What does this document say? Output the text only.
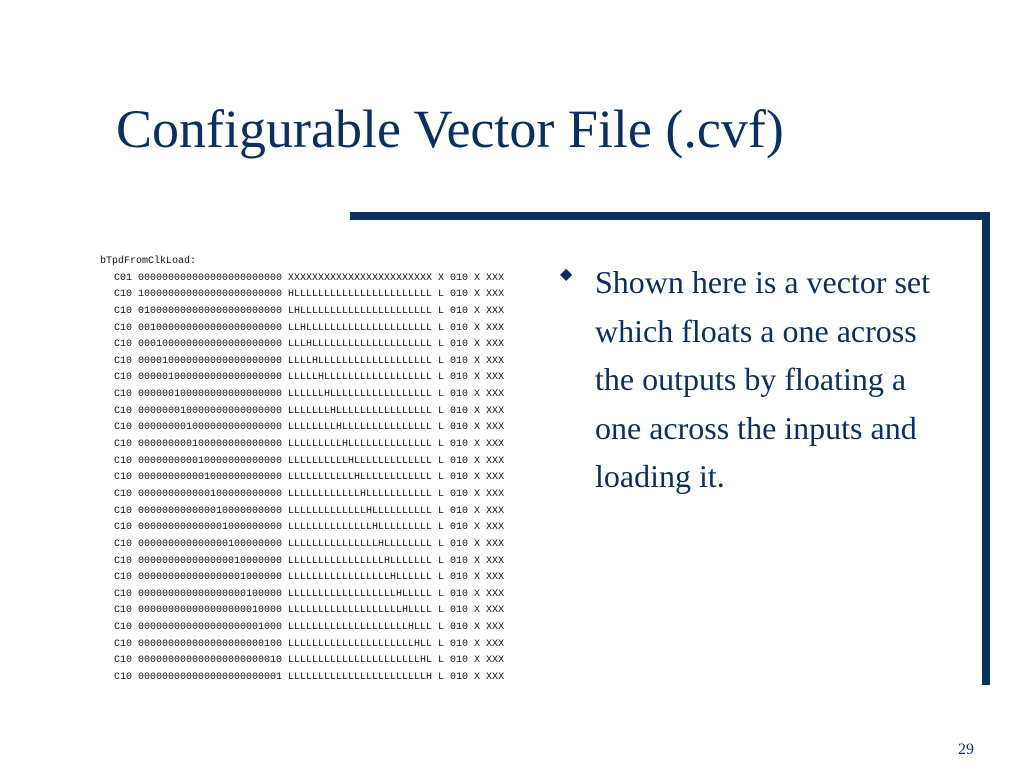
Configurable Vector File (.cvf)
bTpdFromClkLoad:
C01 000000000000000000000000 XXXXXXXXXXXXXXXXXXXXXXXX X 010 X XXX
C10 100000000000000000000000 HLLLLLLLLLLLLLLLLLLLLLLL L 010 X XXX
C10 010000000000000000000000 LHLLLLLLLLLLLLLLLLLLLLLL L 010 X XXX
C10 001000000000000000000000 LLHLLLLLLLLLLLLLLLLLLLLL L 010 X XXX
C10 000100000000000000000000 LLLHLLLLLLLLLLLLLLLLLLLL L 010 X XXX
C10 000010000000000000000000 LLLLHLLLLLLLLLLLLLLLLLLL L 010 X XXX
C10 000001000000000000000000 LLLLLHLLLLLLLLLLLLLLLLLL L 010 X XXX
C10 000000100000000000000000 LLLLLLHLLLLLLLLLLLLLLLLL L 010 X XXX
C10 000000010000000000000000 LLLLLLLHLLLLLLLLLLLLLLLL L 010 X XXX
C10 000000001000000000000000 LLLLLLLLHLLLLLLLLLLLLLLL L 010 X XXX
C10 000000000100000000000000 LLLLLLLLLHLLLLLLLLLLLLLL L 010 X XXX
C10 000000000010000000000000 LLLLLLLLLLHLLLLLLLLLLLLL L 010 X XXX
C10 000000000001000000000000 LLLLLLLLLLLHLLLLLLLLLLLL L 010 X XXX
C10 000000000000100000000000 LLLLLLLLLLLLHLLLLLLLLLLL L 010 X XXX
C10 000000000000010000000000 LLLLLLLLLLLLLHLLLLLLLLLL L 010 X XXX
C10 000000000000001000000000 LLLLLLLLLLLLLLHLLLLLLLLL L 010 X XXX
C10 000000000000000100000000 LLLLLLLLLLLLLLLHLLLLLLLL L 010 X XXX
C10 000000000000000010000000 LLLLLLLLLLLLLLLLHLLLLLLL L 010 X XXX
C10 000000000000000001000000 LLLLLLLLLLLLLLLLLHLLLLLL L 010 X XXX
C10 000000000000000000100000 LLLLLLLLLLLLLLLLLLHLLLLL L 010 X XXX
C10 000000000000000000010000 LLLLLLLLLLLLLLLLLLLHLLLL L 010 X XXX
C10 000000000000000000001000 LLLLLLLLLLLLLLLLLLLLHLLL L 010 X XXX
C10 000000000000000000000100 LLLLLLLLLLLLLLLLLLLLLHLL L 010 X XXX
C10 000000000000000000000010 LLLLLLLLLLLLLLLLLLLLLLHL L 010 X XXX
C10 000000000000000000000001 LLLLLLLLLLLLLLLLLLLLLLLH L 010 X XXX
◆ Shown here is a vector set which floats a one across the outputs by floating a one across the inputs and loading it.

29
